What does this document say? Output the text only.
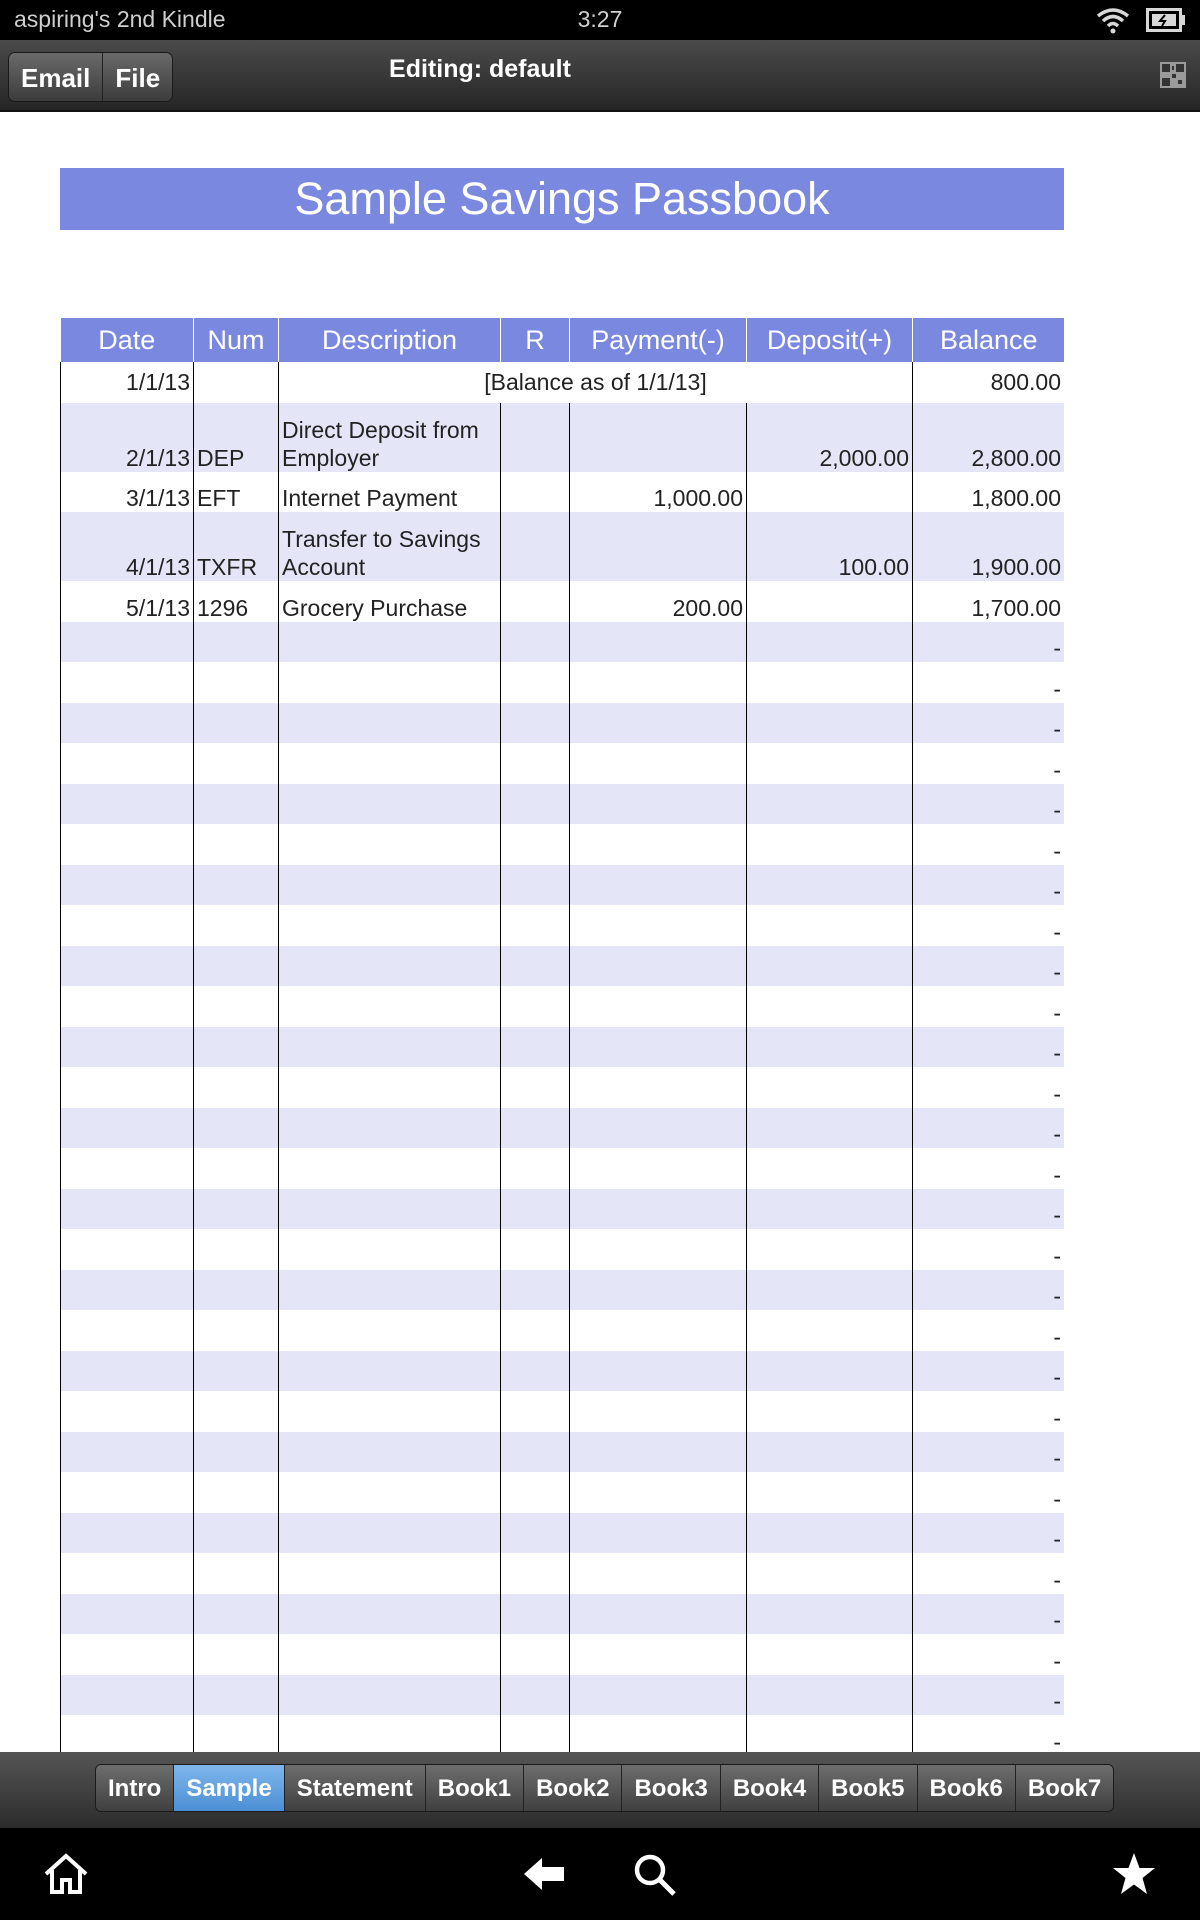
aspiring's 2nd Kindle	3:27
Email File	Editing: default
Sample Savings Passbook
Date	Num	Description	R	Payment(-)	Deposit(+)	Balance
1/1/13		[Balance as of 1/1/13]				800.00
2/1/13	DEP	Direct Deposit from Employer			2,000.00	2,800.00
3/1/13	EFT	Internet Payment		1,000.00		1,800.00
4/1/13	TXFR	Transfer to Savings Account			100.00	1,900.00
5/1/13	1296	Grocery Purchase		200.00		1,700.00
						-
						-
						-
						-
						-
						-
						-
						-
						-
						-
						-
						-
						-
						-
						-
						-
						-
						-
						-
						-
						-
						-
						-
						-
						-
						-
						-
						-
Intro	Sample	Statement	Book1	Book2	Book3	Book4	Book5	Book6	Book7
